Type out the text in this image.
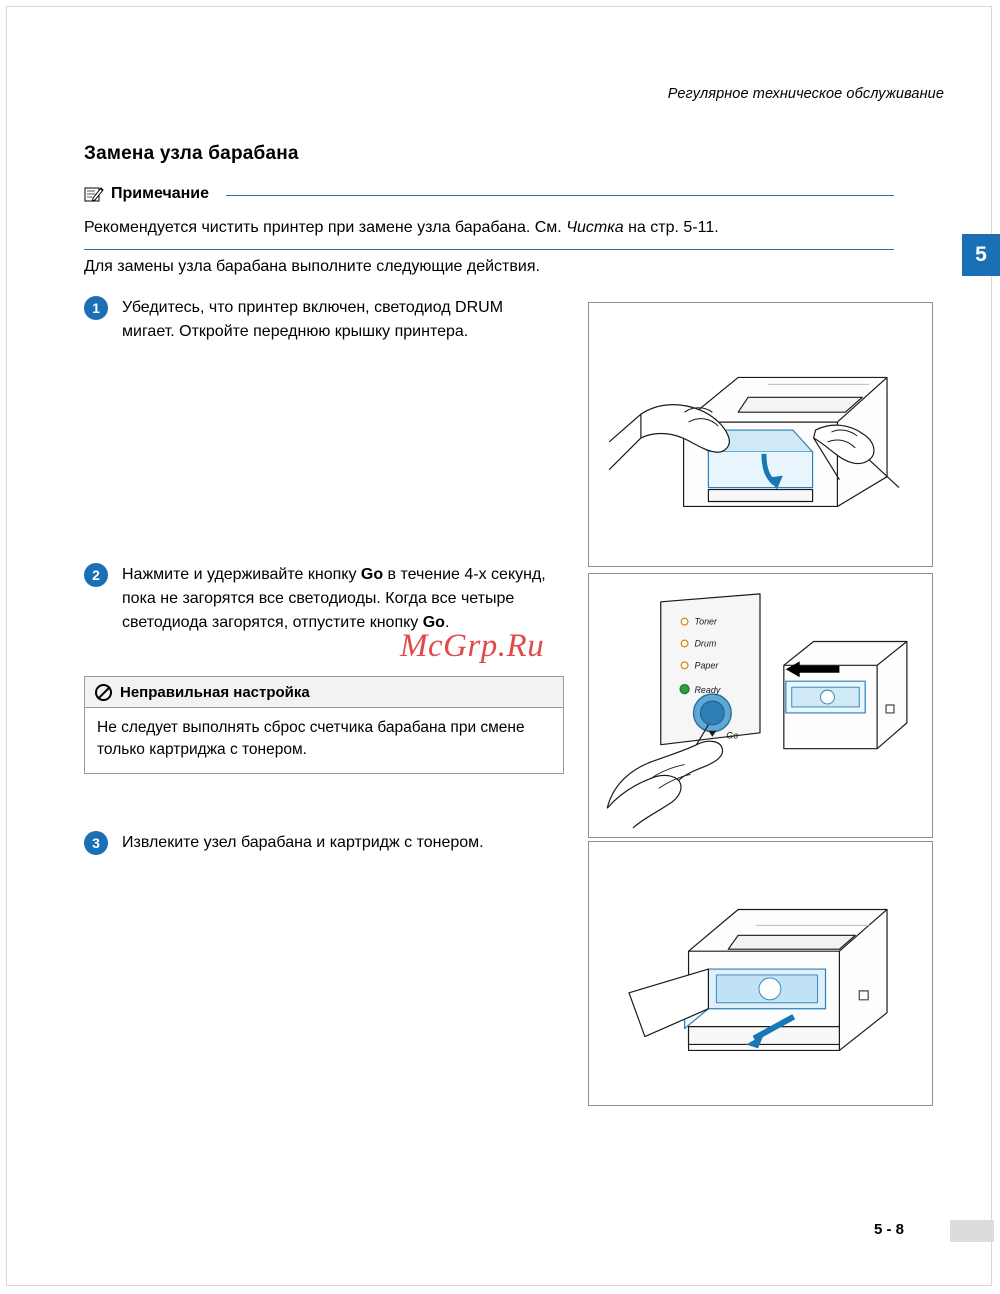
Регулярное техническое обслуживание
5
Замена узла барабана
Примечание
Рекомендуется чистить принтер при замене узла барабана. См. Чистка на стр. 5-11.
Для замены узла барабана выполните следующие действия.
1	Убедитесь, что принтер включен, светодиод DRUM мигает. Откройте переднюю крышку принтера.
2	Нажмите и удерживайте кнопку Go в течение 4-х секунд, пока не загорятся все светодиоды. Когда все четыре светодиода загорятся, отпустите кнопку Go.
Неправильная настройка
Не следует выполнять сброс счетчика барабана при смене только картриджа с тонером.
3	Извлеките узел барабана и картридж с тонером.
Toner
Drum
Paper
Ready
Go
McGrp.Ru
5 - 8
